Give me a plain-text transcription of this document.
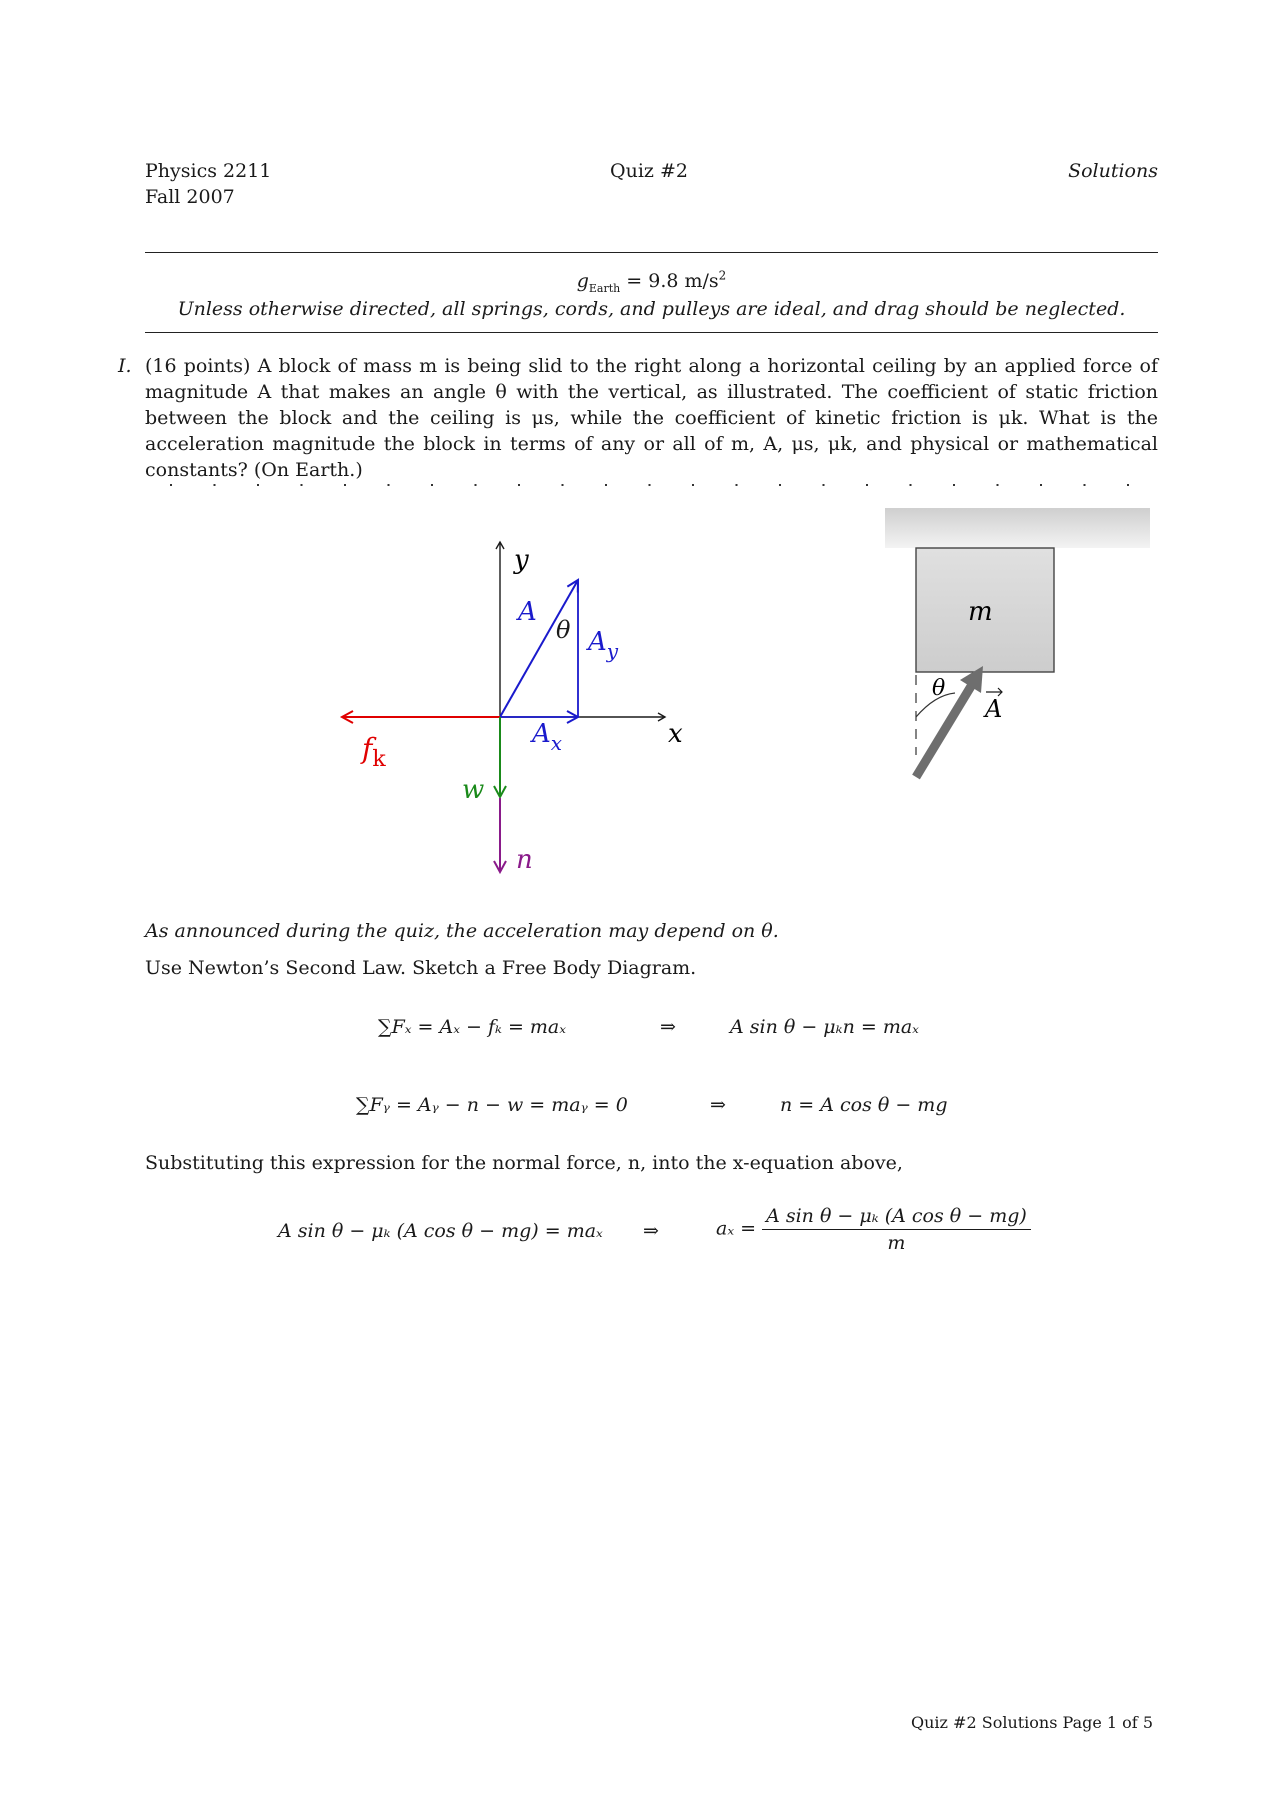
Physics 2211
Fall 2007
Quiz #2	Solutions
$g_{Earth} = 9.8$ $m/s^2$
Unless otherwise directed, all springs, cords, and pulleys are ideal, and drag should be neglected.
I. (16 points) A block of mass m is being slid to the right along a horizontal ceiling by an applied force of magnitude A that makes an angle θ with the vertical, as illustrated. The coefficient of static friction between the block and the ceiling is μs, while the coefficient of kinetic friction is μk. What is the acceleration magnitude the block in terms of any or all of m, A, μs, μk, and physical or mathematical constants? (On Earth.)
y
x
A
θ $A_y$
$A_x$
$f_k$
w
n
m
θ
A
As announced during the quiz, the acceleration may depend on θ.
Use Newton’s Second Law. Sketch a Free Body Diagram.
∑Fₓ = Aₓ − fₖ = maₓ	⇒	A sin θ − μₖn = maₓ
∑Fᵧ = Aᵧ − n − w = maᵧ = 0	⇒	n = A cos θ − mg
Substituting this expression for the normal force, n, into the x-equation above,
A sin θ − μₖ (A cos θ − mg) = maₓ ⇒	$a_x = \frac{\text{A sin θ − μₖ (A cos θ − mg)}}{m}$
Quiz #2 Solutions Page 1 of 5
